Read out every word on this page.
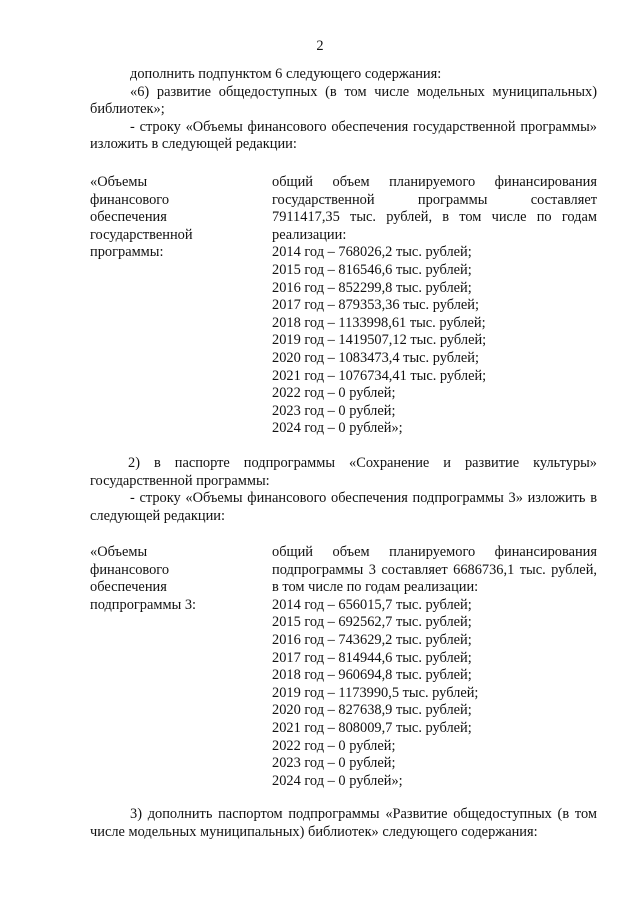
2

дополнить подпунктом 6 следующего содержания:

«6) развитие общедоступных (в том числе модельных муниципальных) библиотек»;

- строку «Объемы финансового обеспечения государственной программы» изложить в следующей редакции:

«Объемы
финансового
обеспечения
государственной
программы:
общий объем планируемого финансирования
государственной программы составляет
7911417,35 тыс. рублей, в том числе по годам
реализации:
2014 год – 768026,2 тыс. рублей;
2015 год – 816546,6 тыс. рублей;
2016 год – 852299,8 тыс. рублей;
2017 год – 879353,36 тыс. рублей;
2018 год – 1133998,61 тыс. рублей;
2019 год – 1419507,12 тыс. рублей;
2020 год – 1083473,4 тыс. рублей;
2021 год – 1076734,41 тыс. рублей;
2022 год – 0 рублей;
2023 год – 0 рублей;
2024 год – 0 рублей»;

2) в паспорте подпрограммы «Сохранение и развитие культуры» государственной программы:

- строку «Объемы финансового обеспечения подпрограммы 3» изложить в следующей редакции:

«Объемы
финансового
обеспечения
подпрограммы 3:
общий объем планируемого финансирования
подпрограммы 3 составляет 6686736,1 тыс. рублей,
в том числе по годам реализации:
2014 год – 656015,7 тыс. рублей;
2015 год – 692562,7 тыс. рублей;
2016 год – 743629,2 тыс. рублей;
2017 год – 814944,6 тыс. рублей;
2018 год – 960694,8 тыс. рублей;
2019 год – 1173990,5 тыс. рублей;
2020 год – 827638,9 тыс. рублей;
2021 год – 808009,7 тыс. рублей;
2022 год – 0 рублей;
2023 год – 0 рублей;
2024 год – 0 рублей»;

3) дополнить паспортом подпрограммы «Развитие общедоступных (в том числе модельных муниципальных) библиотек» следующего содержания:
